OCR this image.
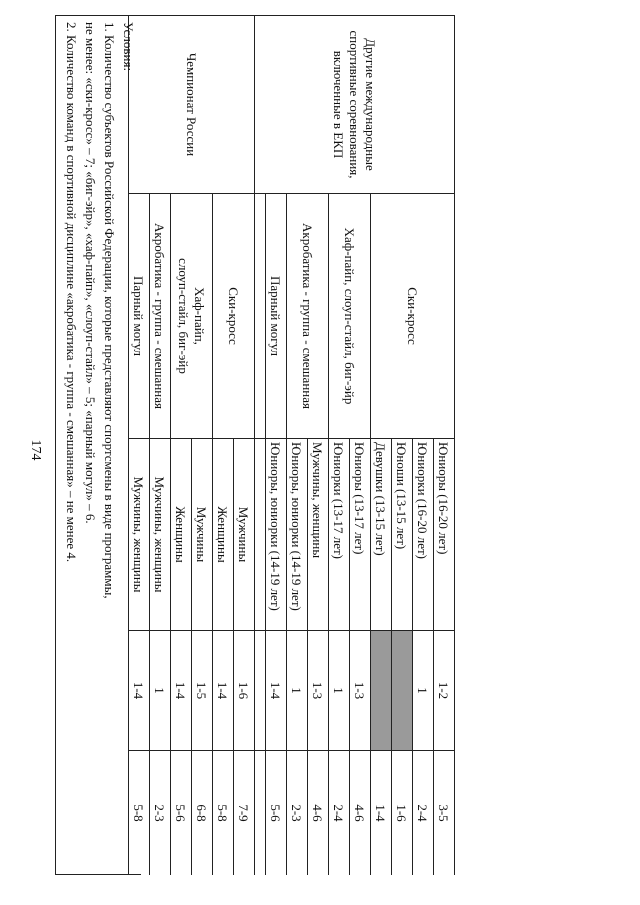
174
Другие международные
спортивные соревнования,
включенные в ЕКП	Ски-кросс	Юниоры (16-20 лет)	1-2	3-5
		Юниорки (16-20 лет)	1	2-4
		Юноши (13-15 лет)		1-6
		Девушки (13-15 лет)		1-4
	Хаф-пайп, слоуп-стайл, биг-эйр	Юниоры (13-17 лет)	1-3	4-6
		Юниорки (13-17 лет)	1	2-4
	Акробатика - группа - смешанная	Мужчины, женщины	1-3	4-6
		Юниоры, юниорки (14-19 лет)	1	2-3
	Парный могул	Юниоры, юниорки (14-19 лет)	1-4	5-6

Чемпионат России	Ски-кросс	Мужчины	1-6	7-9
		Женщины	1-4	5-8
	Хаф-пайп,
слоуп-стайл, биг-эйр	Мужчины	1-5	6-8
		Женщины	1-4	5-6
	Акробатика - группа - смешанная	Мужчины, женщины	1	2-3
	Парный могул	Мужчины, женщины	1-4	5-8

Условия:

1. Количество субъектов Российской Федерации, которые представляют спортсмены в виде программы,

не менее: «ски-кросс» – 7; «биг-эйр», «хаф-пайп», «слоуп-стайл» – 5; «парный могул» – 6.

2. Количество команд в спортивной дисциплине «акробатика - группа - смешанная» – не менее 4.
